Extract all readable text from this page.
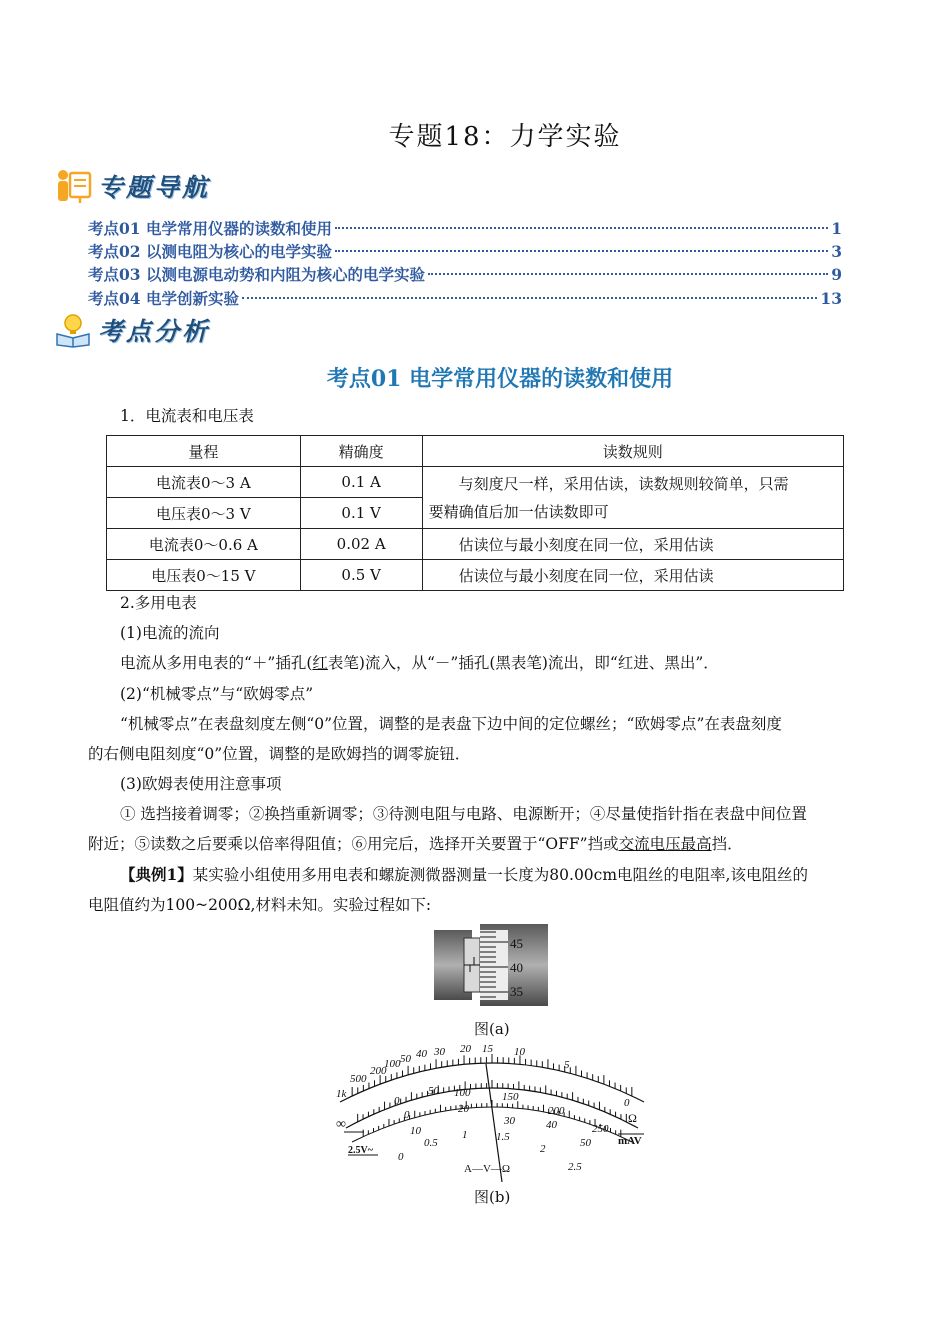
专题18：力学实验
专题导航
考点01 电学常用仪器的读数和使用	1
考点02 以测电阻为核心的电学实验	3
考点03 以测电源电动势和内阻为核心的电学实验	9
考点04 电学创新实验	13
考点分析
考点01 电学常用仪器的读数和使用
1．电流表和电压表
量程	精确度	读数规则
电流表0～3 A	0.1 A	与刻度尺一样，采用估读，读数规则较简单，只需
要精确值后加一估读数即可

电压表0～3 V	0.1 V	
电流表0～0.6 A	0.02 A	估读位与最小刻度在同一位，采用估读
电压表0～15 V	0.5 V	估读位与最小刻度在同一位，采用估读
2.多用电表
(1)电流的流向
电流从多用电表的“＋”插孔(红表笔)流入，从“－”插孔(黑表笔)流出，即“红进、黑出”．
(2)“机械零点”与“欧姆零点”
“机械零点”在表盘刻度左侧“0”位置，调整的是表盘下边中间的定位螺丝；“欧姆零点”在表盘刻度
的右侧电阻刻度“0”位置，调整的是欧姆挡的调零旋钮．
(3)欧姆表使用注意事项
① 选挡接着调零；②换挡重新调零；③待测电阻与电路、电源断开；④尽量使指针指在表盘中间位置
附近；⑤读数之后要乘以倍率得阻值；⑥用完后，选择开关要置于“OFF”挡或交流电压最高挡．
【典例1】某实验小组使用多用电表和螺旋测微器测量一长度为80.00cm电阻丝的电阻率,该电阻丝的
电阻值约为100~200Ω,材料未知。实验过程如下:
45
40
35
图(a)
1k
500
200
100 50 40 30 20 15 10
5
0
0
50 100	150
200
250
0
10
20
30	40
50
0
0.5
1	1.5
2
2.5
∞	Ω
mAV
2.5V~
A—V—Ω
图(b)
